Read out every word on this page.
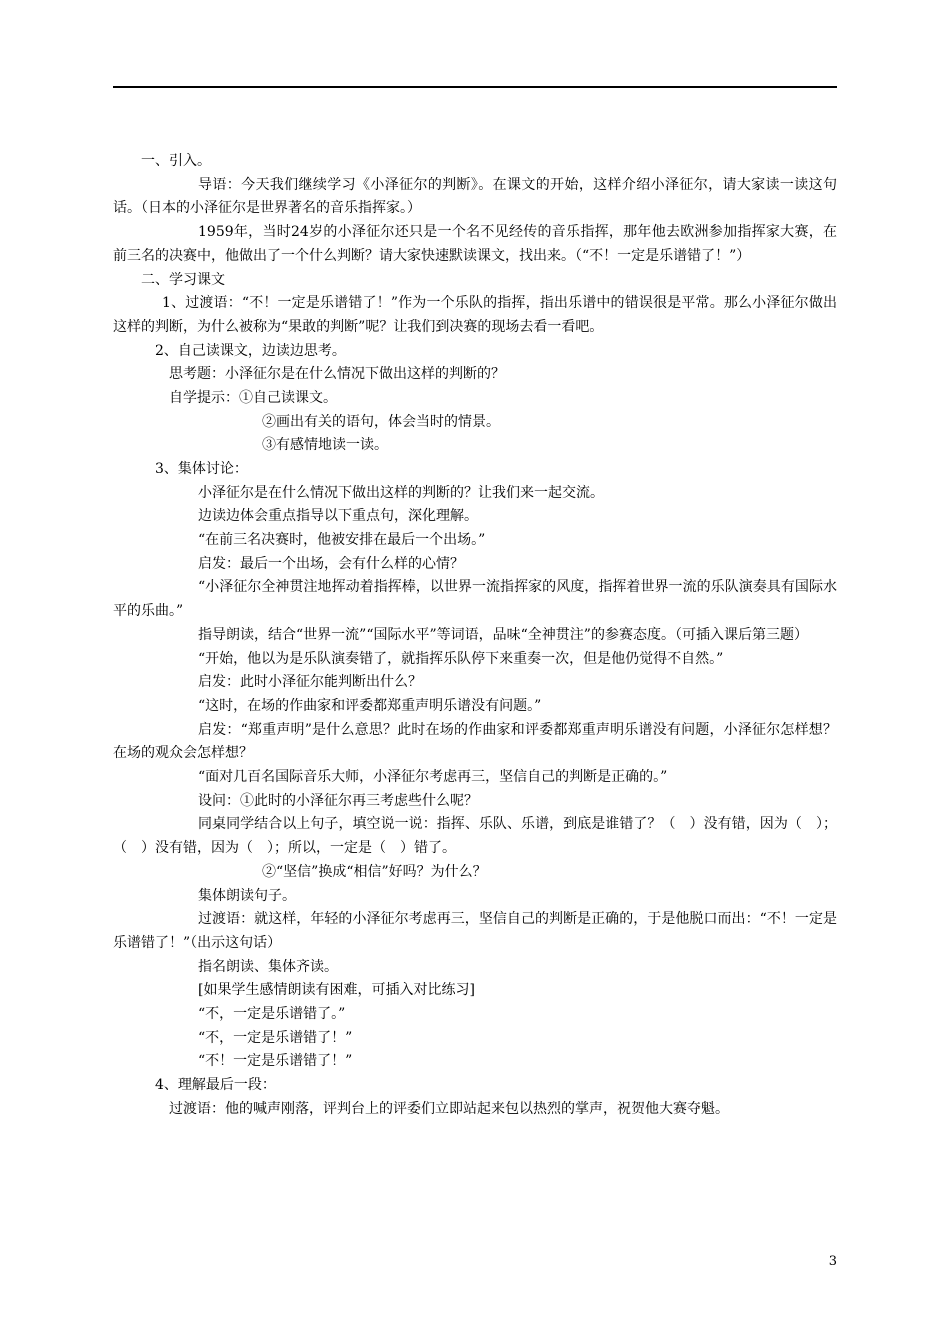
一、引入。
导语：今天我们继续学习《小泽征尔的判断》。在课文的开始，这样介绍小泽征尔，请大家读一读这句话。（日本的小泽征尔是世界著名的音乐指挥家。）
1959年，当时24岁的小泽征尔还只是一个名不见经传的音乐指挥，那年他去欧洲参加指挥家大赛，在前三名的决赛中，他做出了一个什么判断？请大家快速默读课文，找出来。（“不！一定是乐谱错了！”）
二、学习课文
1、过渡语：“不！一定是乐谱错了！”作为一个乐队的指挥，指出乐谱中的错误很是平常。那么小泽征尔做出这样的判断，为什么被称为“果敢的判断”呢？让我们到决赛的现场去看一看吧。
2、自己读课文，边读边思考。
思考题：小泽征尔是在什么情况下做出这样的判断的？
自学提示：①自己读课文。
②画出有关的语句，体会当时的情景。
③有感情地读一读。
3、集体讨论：
小泽征尔是在什么情况下做出这样的判断的？让我们来一起交流。
边读边体会重点指导以下重点句，深化理解。
“在前三名决赛时，他被安排在最后一个出场。”
启发：最后一个出场，会有什么样的心情？
“小泽征尔全神贯注地挥动着指挥棒，以世界一流指挥家的风度，指挥着世界一流的乐队演奏具有国际水平的乐曲。”
指导朗读，结合“世界一流”“国际水平”等词语，品味“全神贯注”的参赛态度。（可插入课后第三题）
“开始，他以为是乐队演奏错了，就指挥乐队停下来重奏一次，但是他仍觉得不自然。”
启发：此时小泽征尔能判断出什么？
“这时，在场的作曲家和评委都郑重声明乐谱没有问题。”
启发：“郑重声明”是什么意思？此时在场的作曲家和评委都郑重声明乐谱没有问题，小泽征尔怎样想？在场的观众会怎样想？
“面对几百名国际音乐大师，小泽征尔考虑再三，坚信自己的判断是正确的。”
设问：①此时的小泽征尔再三考虑些什么呢？
同桌同学结合以上句子，填空说一说：指挥、乐队、乐谱，到底是谁错了？（　）没有错，因为（　）；（　）没有错，因为（　）；所以，一定是（　）错了。
②“坚信”换成“相信”好吗？为什么？
集体朗读句子。
过渡语：就这样，年轻的小泽征尔考虑再三，坚信自己的判断是正确的，于是他脱口而出：“不！一定是乐谱错了！”（出示这句话）
指名朗读、集体齐读。
[如果学生感情朗读有困难，可插入对比练习]
“不，一定是乐谱错了。”
“不，一定是乐谱错了！”
“不！一定是乐谱错了！”
4、理解最后一段：
过渡语：他的喊声刚落，评判台上的评委们立即站起来包以热烈的掌声，祝贺他大赛夺魁。
3
